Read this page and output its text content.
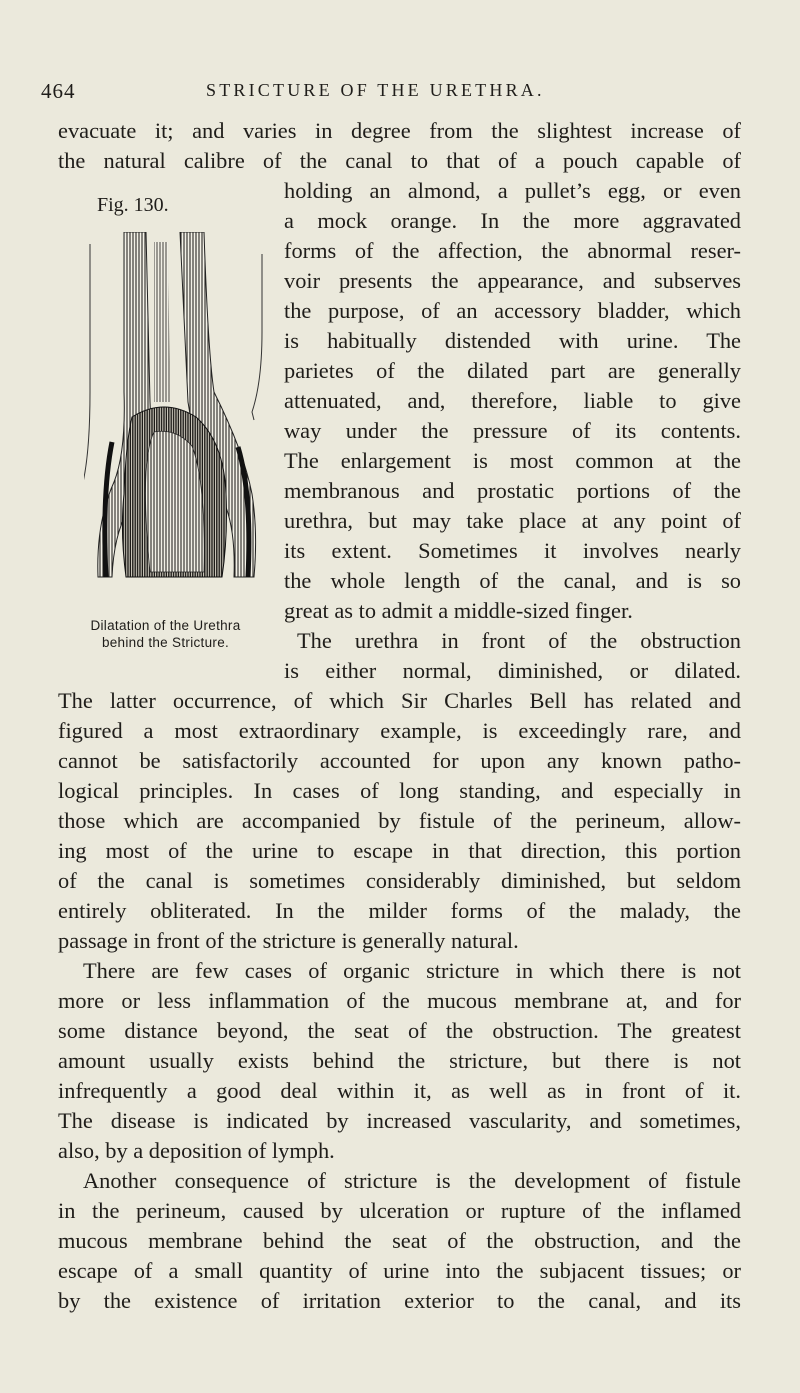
464	STRICTURE OF THE URETHRA.
evacuate it; and varies in degree from the slightest increase of
the natural calibre of the canal to that of a pouch capable of
holding an almond, a pullet’s egg, or even
a mock orange. In the more aggravated
forms of the affection, the abnormal reser-
voir presents the appearance, and subserves
the purpose, of an accessory bladder, which
is habitually distended with urine. The
parietes of the dilated part are generally
attenuated, and, therefore, liable to give
way under the pressure of its contents.
The enlargement is most common at the
membranous and prostatic portions of the
urethra, but may take place at any point of
its extent. Sometimes it involves nearly
the whole length of the canal, and is so
great as to admit a middle-sized finger.
The urethra in front of the obstruction
is either normal, diminished, or dilated.
The latter occurrence, of which Sir Charles Bell has related and
figured a most extraordinary example, is exceedingly rare, and
cannot be satisfactorily accounted for upon any known patho-
logical principles. In cases of long standing, and especially in
those which are accompanied by fistule of the perineum, allow-
ing most of the urine to escape in that direction, this portion
of the canal is sometimes considerably diminished, but seldom
entirely obliterated. In the milder forms of the malady, the
passage in front of the stricture is generally natural.
There are few cases of organic stricture in which there is not
more or less inflammation of the mucous membrane at, and for
some distance beyond, the seat of the obstruction. The greatest
amount usually exists behind the stricture, but there is not
infrequently a good deal within it, as well as in front of it.
The disease is indicated by increased vascularity, and sometimes,
also, by a deposition of lymph.
Another consequence of stricture is the development of fistule
in the perineum, caused by ulceration or rupture of the inflamed
mucous membrane behind the seat of the obstruction, and the
escape of a small quantity of urine into the subjacent tissues; or
by the existence of irritation exterior to the canal, and its
Fig. 130.
Dilatation of the Urethra
behind the Stricture.
